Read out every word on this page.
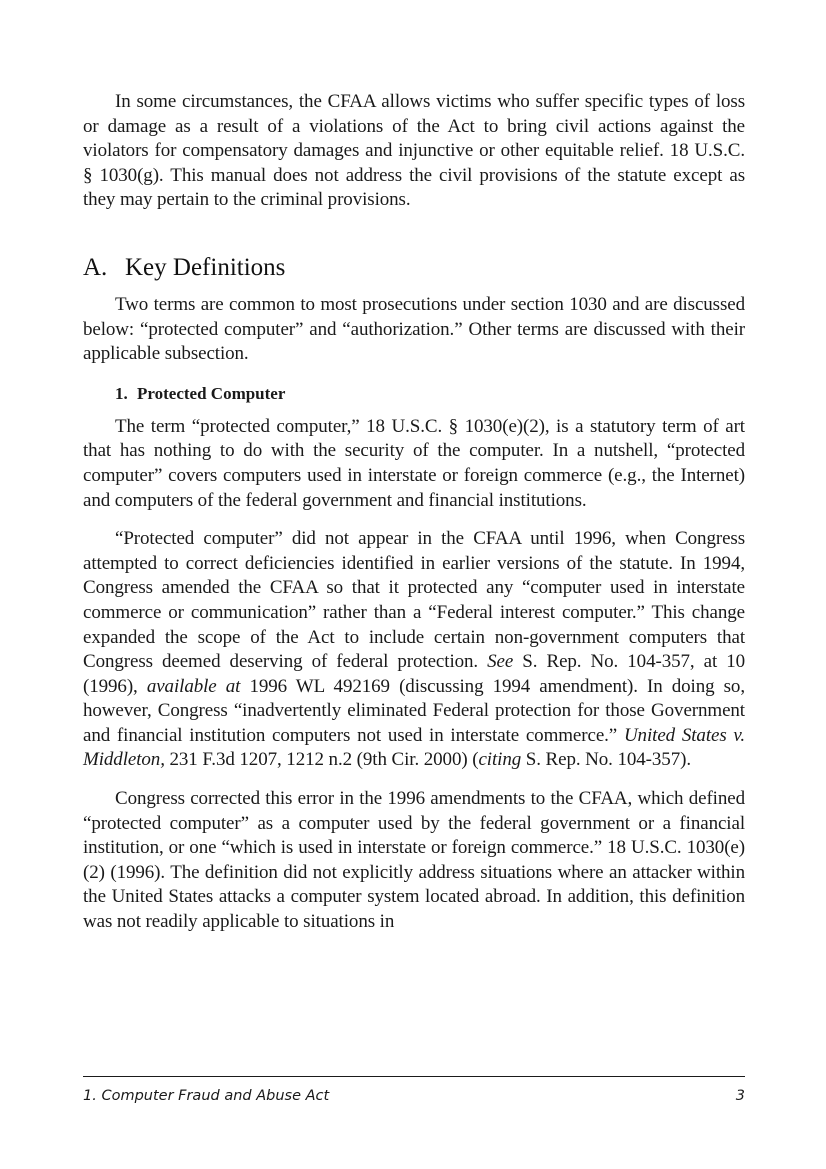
In some circumstances, the CFAA allows victims who suffer specific types of loss or damage as a result of a violations of the Act to bring civil actions against the violators for compensatory damages and injunctive or other equitable relief. 18 U.S.C. § 1030(g). This manual does not address the civil provisions of the statute except as they may pertain to the criminal provisions.

A. Key Definitions

Two terms are common to most prosecutions under section 1030 and are discussed below: “protected computer” and “authorization.” Other terms are discussed with their applicable subsection.

1. Protected Computer

The term “protected computer,” 18 U.S.C. § 1030(e)(2), is a statutory term of art that has nothing to do with the security of the computer. In a nutshell, “protected computer” covers computers used in interstate or foreign commerce (e.g., the Internet) and computers of the federal government and financial institutions.

“Protected computer” did not appear in the CFAA until 1996, when Congress attempted to correct deficiencies identified in earlier versions of the statute. In 1994, Congress amended the CFAA so that it protected any “computer used in interstate commerce or communication” rather than a “Federal interest computer.” This change expanded the scope of the Act to include certain non-government computers that Congress deemed deserving of federal protection. See S. Rep. No. 104-357, at 10 (1996), available at 1996 WL 492169 (discussing 1994 amendment). In doing so, however, Congress “inadvertently eliminated Federal protection for those Government and financial institution computers not used in interstate commerce.” United States v. Middleton, 231 F.3d 1207, 1212 n.2 (9th Cir. 2000) (citing S. Rep. No. 104-357).

Congress corrected this error in the 1996 amendments to the CFAA, which defined “protected computer” as a computer used by the federal government or a financial institution, or one “which is used in interstate or foreign commerce.” 18 U.S.C. 1030(e)(2) (1996). The definition did not explicitly address situations where an attacker within the United States attacks a computer system located abroad. In addition, this definition was not readily applicable to situations in

1. Computer Fraud and Abuse Act	3
